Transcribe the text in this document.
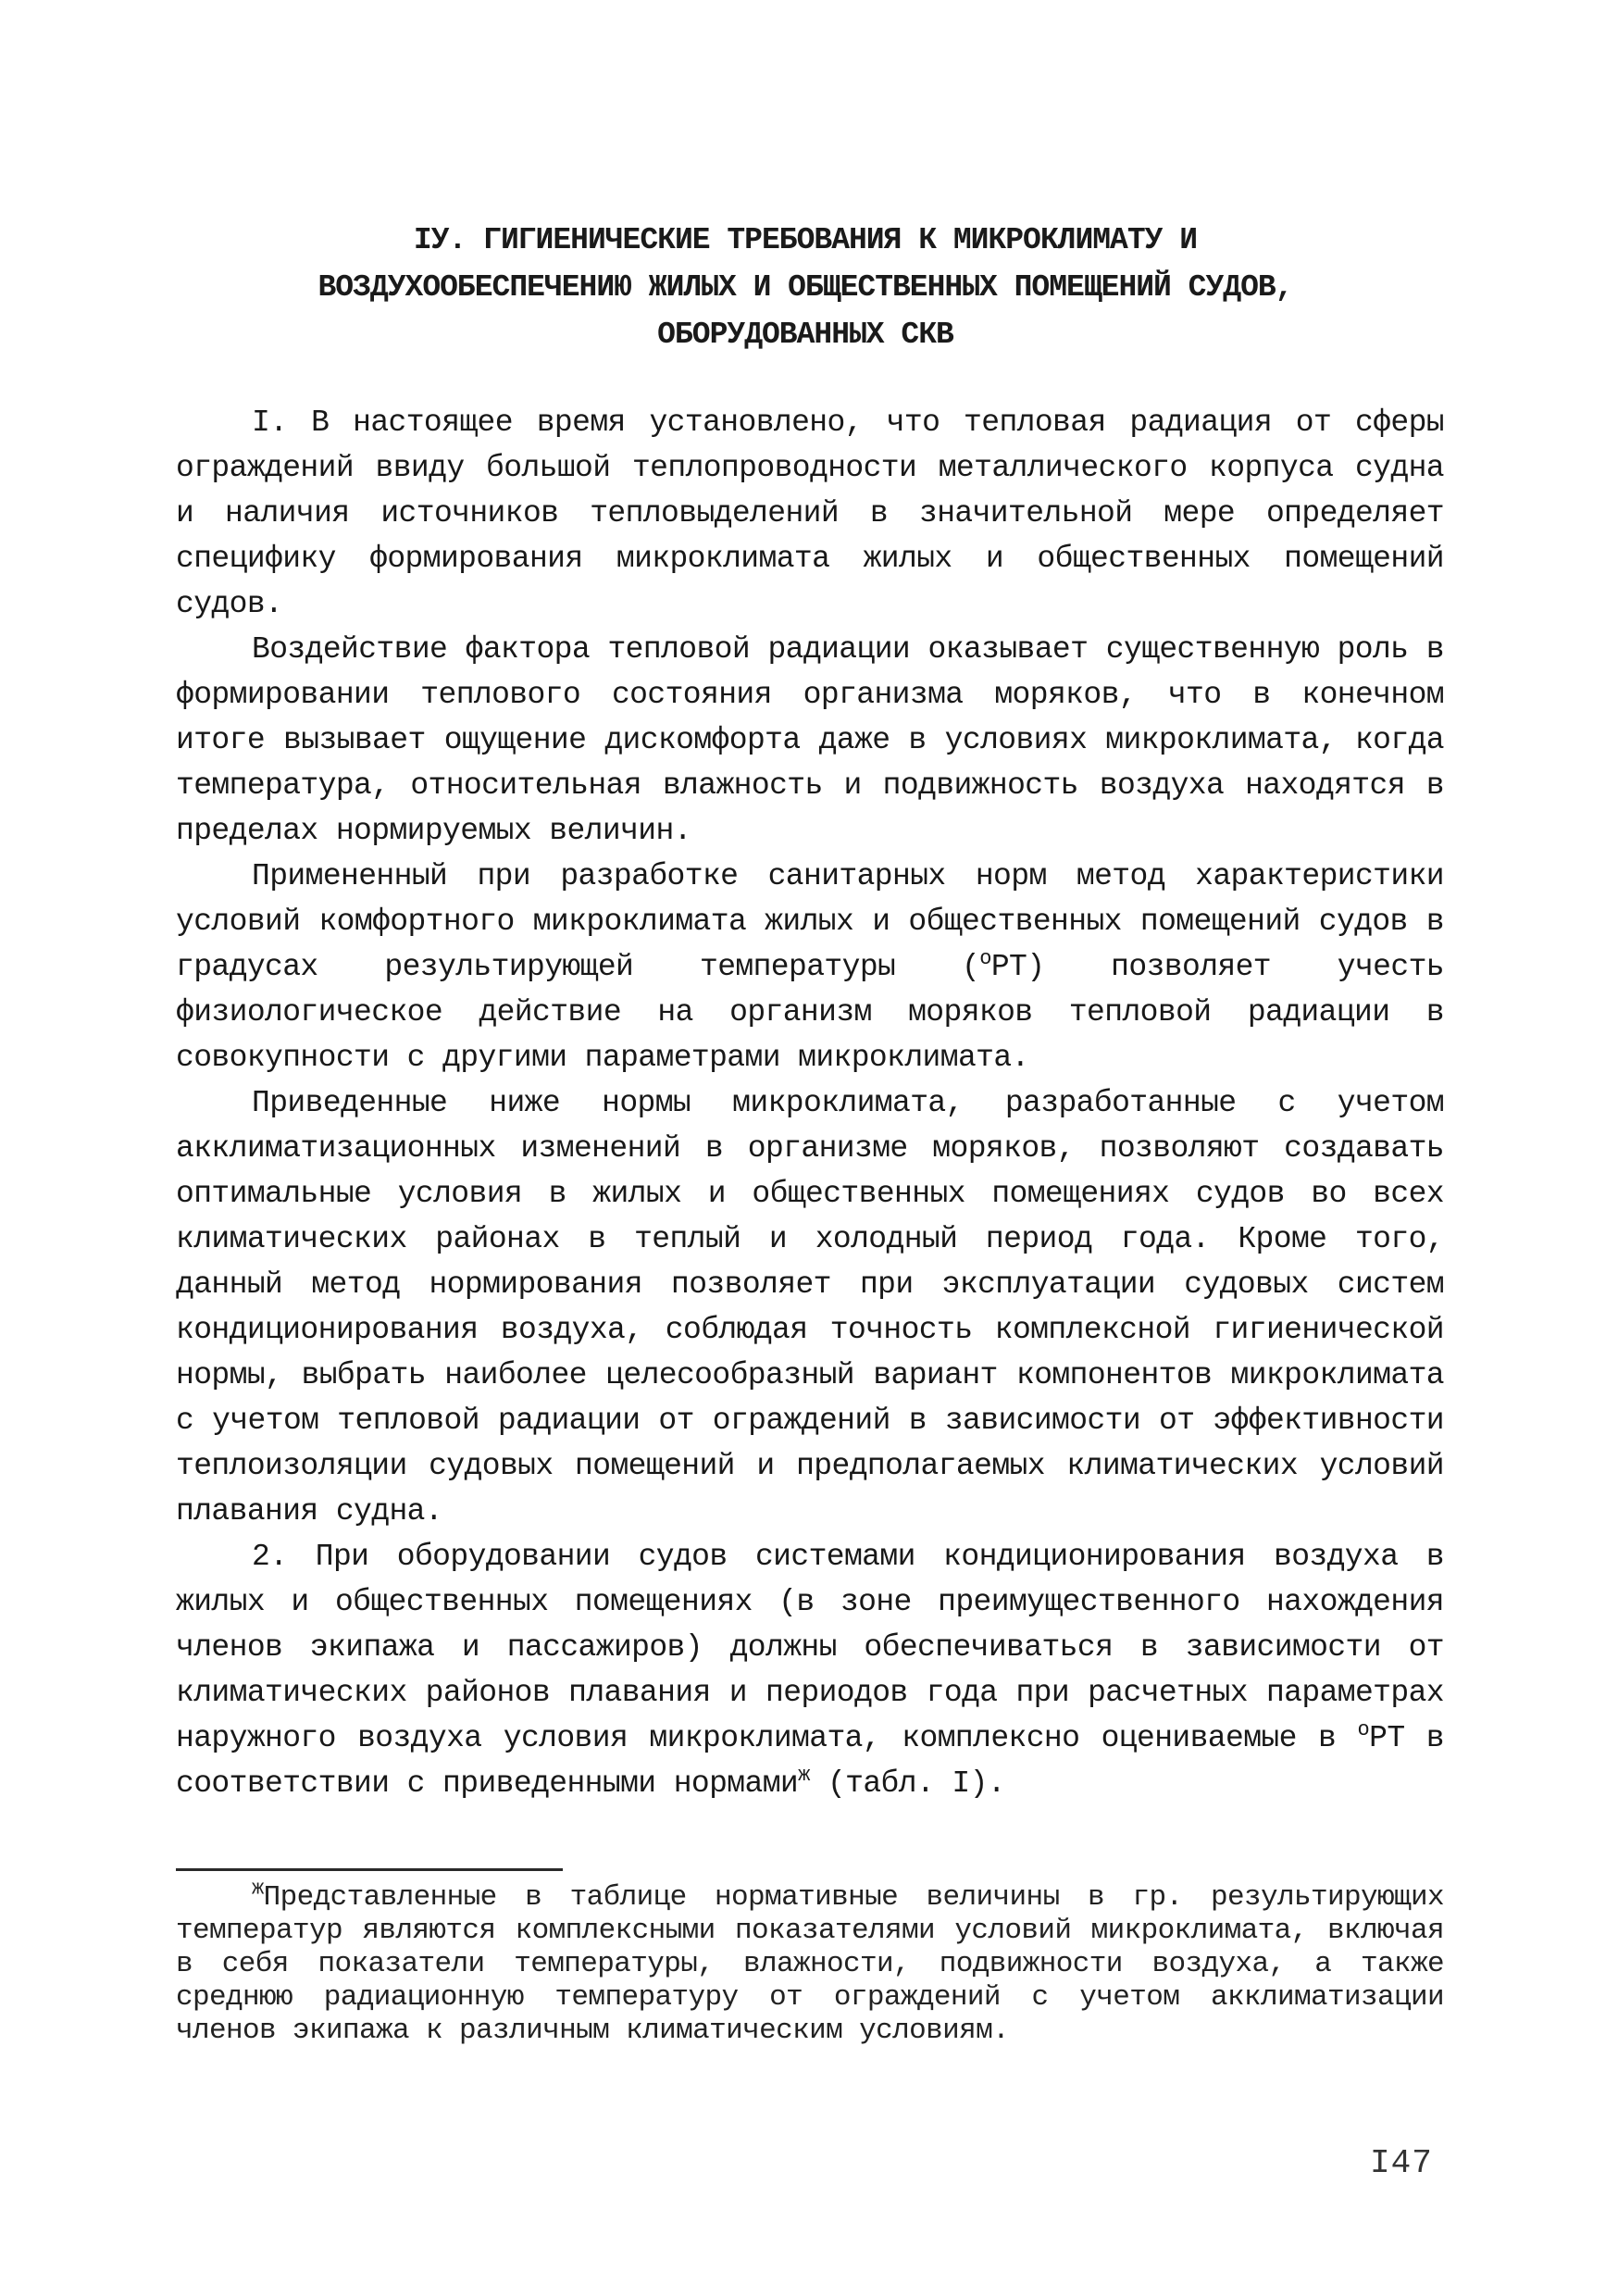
IУ. ГИГИЕНИЧЕСКИЕ ТРЕБОВАНИЯ К МИКРОКЛИМАТУ И
ВОЗДУХООБЕСПЕЧЕНИЮ ЖИЛЫХ И ОБЩЕСТВЕННЫХ ПОМЕЩЕНИЙ СУДОВ,
ОБОРУДОВАННЫХ СКВ

I. В настоящее время установлено, что тепловая радиация от сферы ограждений ввиду большой теплопроводности металлического корпуса судна и наличия источников тепловыделений в значительной мере определяет специфику формирования микроклимата жилых и общественных помещений судов.

Воздействие фактора тепловой радиации оказывает существенную роль в формировании теплового состояния организма моряков, что в конечном итоге вызывает ощущение дискомфорта даже в условиях микроклимата, когда температура, относительная влажность и подвижность воздуха находятся в пределах нормируемых величин.

Примененный при разработке санитарных норм метод характеристики условий комфортного микроклимата жилых и общественных помещений судов в градусах результирующей температуры ($^о$РТ) позволяет учесть физиологическое действие на организм моряков тепловой радиации в совокупности с другими параметрами микроклимата.

Приведенные ниже нормы микроклимата, разработанные с учетом акклиматизационных изменений в организме моряков, позволяют создавать оптимальные условия в жилых и общественных помещениях судов во всех климатических районах в теплый и холодный период года. Кроме того, данный метод нормирования позволяет при эксплуатации судовых систем кондиционирования воздуха, соблюдая точность комплексной гигиенической нормы, выбрать наиболее целесообразный вариант компонентов микроклимата с учетом тепловой радиации от ограждений в зависимости от эффективности теплоизоляции судовых помещений и предполагаемых климатических условий плавания судна.

2. При оборудовании судов системами кондиционирования воздуха в жилых и общественных помещениях (в зоне преимущественного нахождения членов экипажа и пассажиров) должны обеспечиваться в зависимости от климатических районов плавания и периодов года при расчетных параметрах наружного воздуха условия микроклимата, комплексно оцениваемые в $^о$РТ в соответствии с приведенными нормами$^ж$ (табл. I).

$^ж$Представленные в таблице нормативные величины в гр. результирующих температур являются комплексными показателями условий микроклимата, включая в себя показатели температуры, влажности, подвижности воздуха, а также среднюю радиационную температуру от ограждений с учетом акклиматизации членов экипажа к различным климатическим условиям.

I47
